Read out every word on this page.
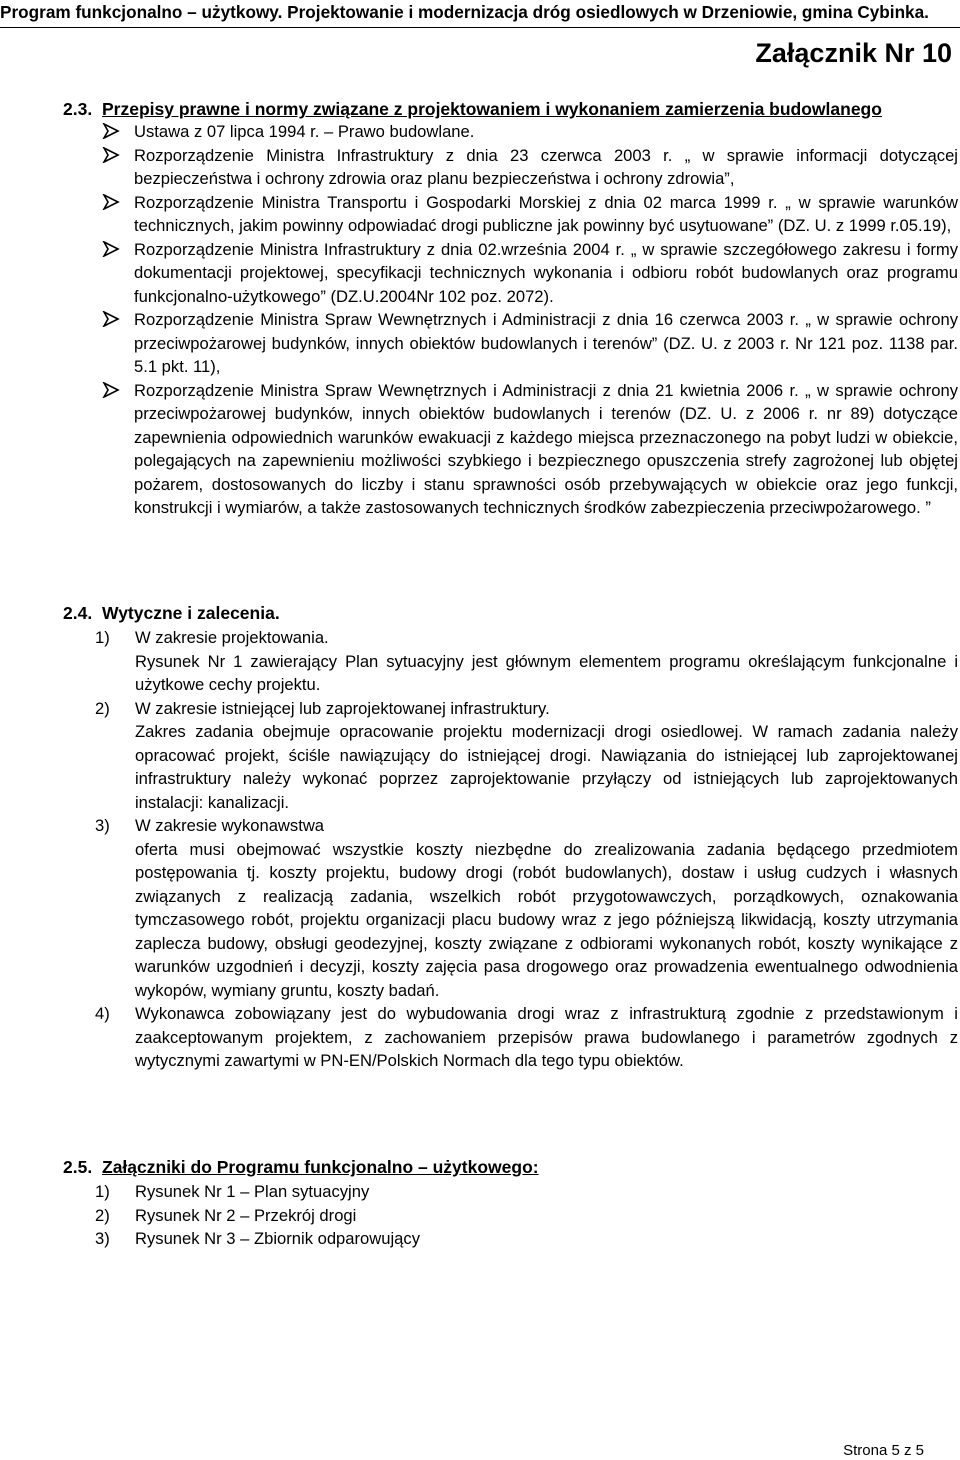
Program funkcjonalno – użytkowy. Projektowanie i modernizacja dróg osiedlowych w Drzeniowie, gmina Cybinka.
Załącznik Nr 10
2.3. Przepisy prawne i normy związane z projektowaniem i wykonaniem zamierzenia budowlanego
Ustawa z 07 lipca 1994 r. – Prawo budowlane.
Rozporządzenie Ministra Infrastruktury z dnia 23 czerwca 2003 r. „ w sprawie informacji dotyczącej bezpieczeństwa i ochrony zdrowia oraz planu bezpieczeństwa i ochrony zdrowia”,
Rozporządzenie Ministra Transportu i Gospodarki Morskiej z dnia 02 marca 1999 r. „ w sprawie warunków technicznych, jakim powinny odpowiadać drogi publiczne jak powinny być usytuowane” (DZ. U. z 1999 r.05.19),
Rozporządzenie Ministra Infrastruktury z dnia 02.września 2004 r. „ w sprawie szczegółowego zakresu i formy dokumentacji projektowej, specyfikacji technicznych wykonania i odbioru robót budowlanych oraz programu funkcjonalno-użytkowego” (DZ.U.2004Nr 102 poz. 2072).
Rozporządzenie Ministra Spraw Wewnętrznych i Administracji z dnia 16 czerwca 2003 r. „ w sprawie ochrony przeciwpożarowej budynków, innych obiektów budowlanych i terenów” (DZ. U. z 2003 r. Nr 121 poz. 1138 par. 5.1 pkt. 11),
Rozporządzenie Ministra Spraw Wewnętrznych i Administracji z dnia 21 kwietnia 2006 r. „ w sprawie ochrony przeciwpożarowej budynków, innych obiektów budowlanych i terenów (DZ. U. z 2006 r. nr 89) dotyczące zapewnienia odpowiednich warunków ewakuacji z każdego miejsca przeznaczonego na pobyt ludzi w obiekcie, polegających na zapewnieniu możliwości szybkiego i bezpiecznego opuszczenia strefy zagrożonej lub objętej pożarem, dostosowanych do liczby i stanu sprawności osób przebywających w obiekcie oraz jego funkcji, konstrukcji i wymiarów, a także zastosowanych technicznych środków zabezpieczenia przeciwpożarowego. ”
2.4. Wytyczne i zalecenia.
1)	W zakresie projektowania.
Rysunek Nr 1 zawierający Plan sytuacyjny jest głównym elementem programu określającym funkcjonalne i użytkowe cechy projektu.
2)	W zakresie istniejącej lub zaprojektowanej infrastruktury.
Zakres zadania obejmuje opracowanie projektu modernizacji drogi osiedlowej. W ramach zadania należy opracować projekt, ściśle nawiązujący do istniejącej drogi. Nawiązania do istniejącej lub zaprojektowanej infrastruktury należy wykonać poprzez zaprojektowanie przyłączy od istniejących lub zaprojektowanych instalacji: kanalizacji.
3)	W zakresie wykonawstwa
oferta musi obejmować wszystkie koszty niezbędne do zrealizowania zadania będącego przedmiotem postępowania tj. koszty projektu, budowy drogi (robót budowlanych), dostaw i usług cudzych i własnych związanych z realizacją zadania, wszelkich robót przygotowawczych, porządkowych, oznakowania tymczasowego robót, projektu organizacji placu budowy wraz z jego późniejszą likwidacją, koszty utrzymania zaplecza budowy, obsługi geodezyjnej, koszty związane z odbiorami wykonanych robót, koszty wynikające z warunków uzgodnień i decyzji, koszty zajęcia pasa drogowego oraz prowadzenia ewentualnego odwodnienia wykopów, wymiany gruntu, koszty badań.
4)	Wykonawca zobowiązany jest do wybudowania drogi wraz z infrastrukturą zgodnie z przedstawionym i zaakceptowanym projektem, z zachowaniem przepisów prawa budowlanego i parametrów zgodnych z wytycznymi zawartymi w PN-EN/Polskich Normach dla tego typu obiektów.
2.5. Załączniki do Programu funkcjonalno – użytkowego:
1)	Rysunek Nr 1 – Plan sytuacyjny
2)	Rysunek Nr 2 – Przekrój drogi
3)	Rysunek Nr 3 – Zbiornik odparowujący
Strona 5 z 5
